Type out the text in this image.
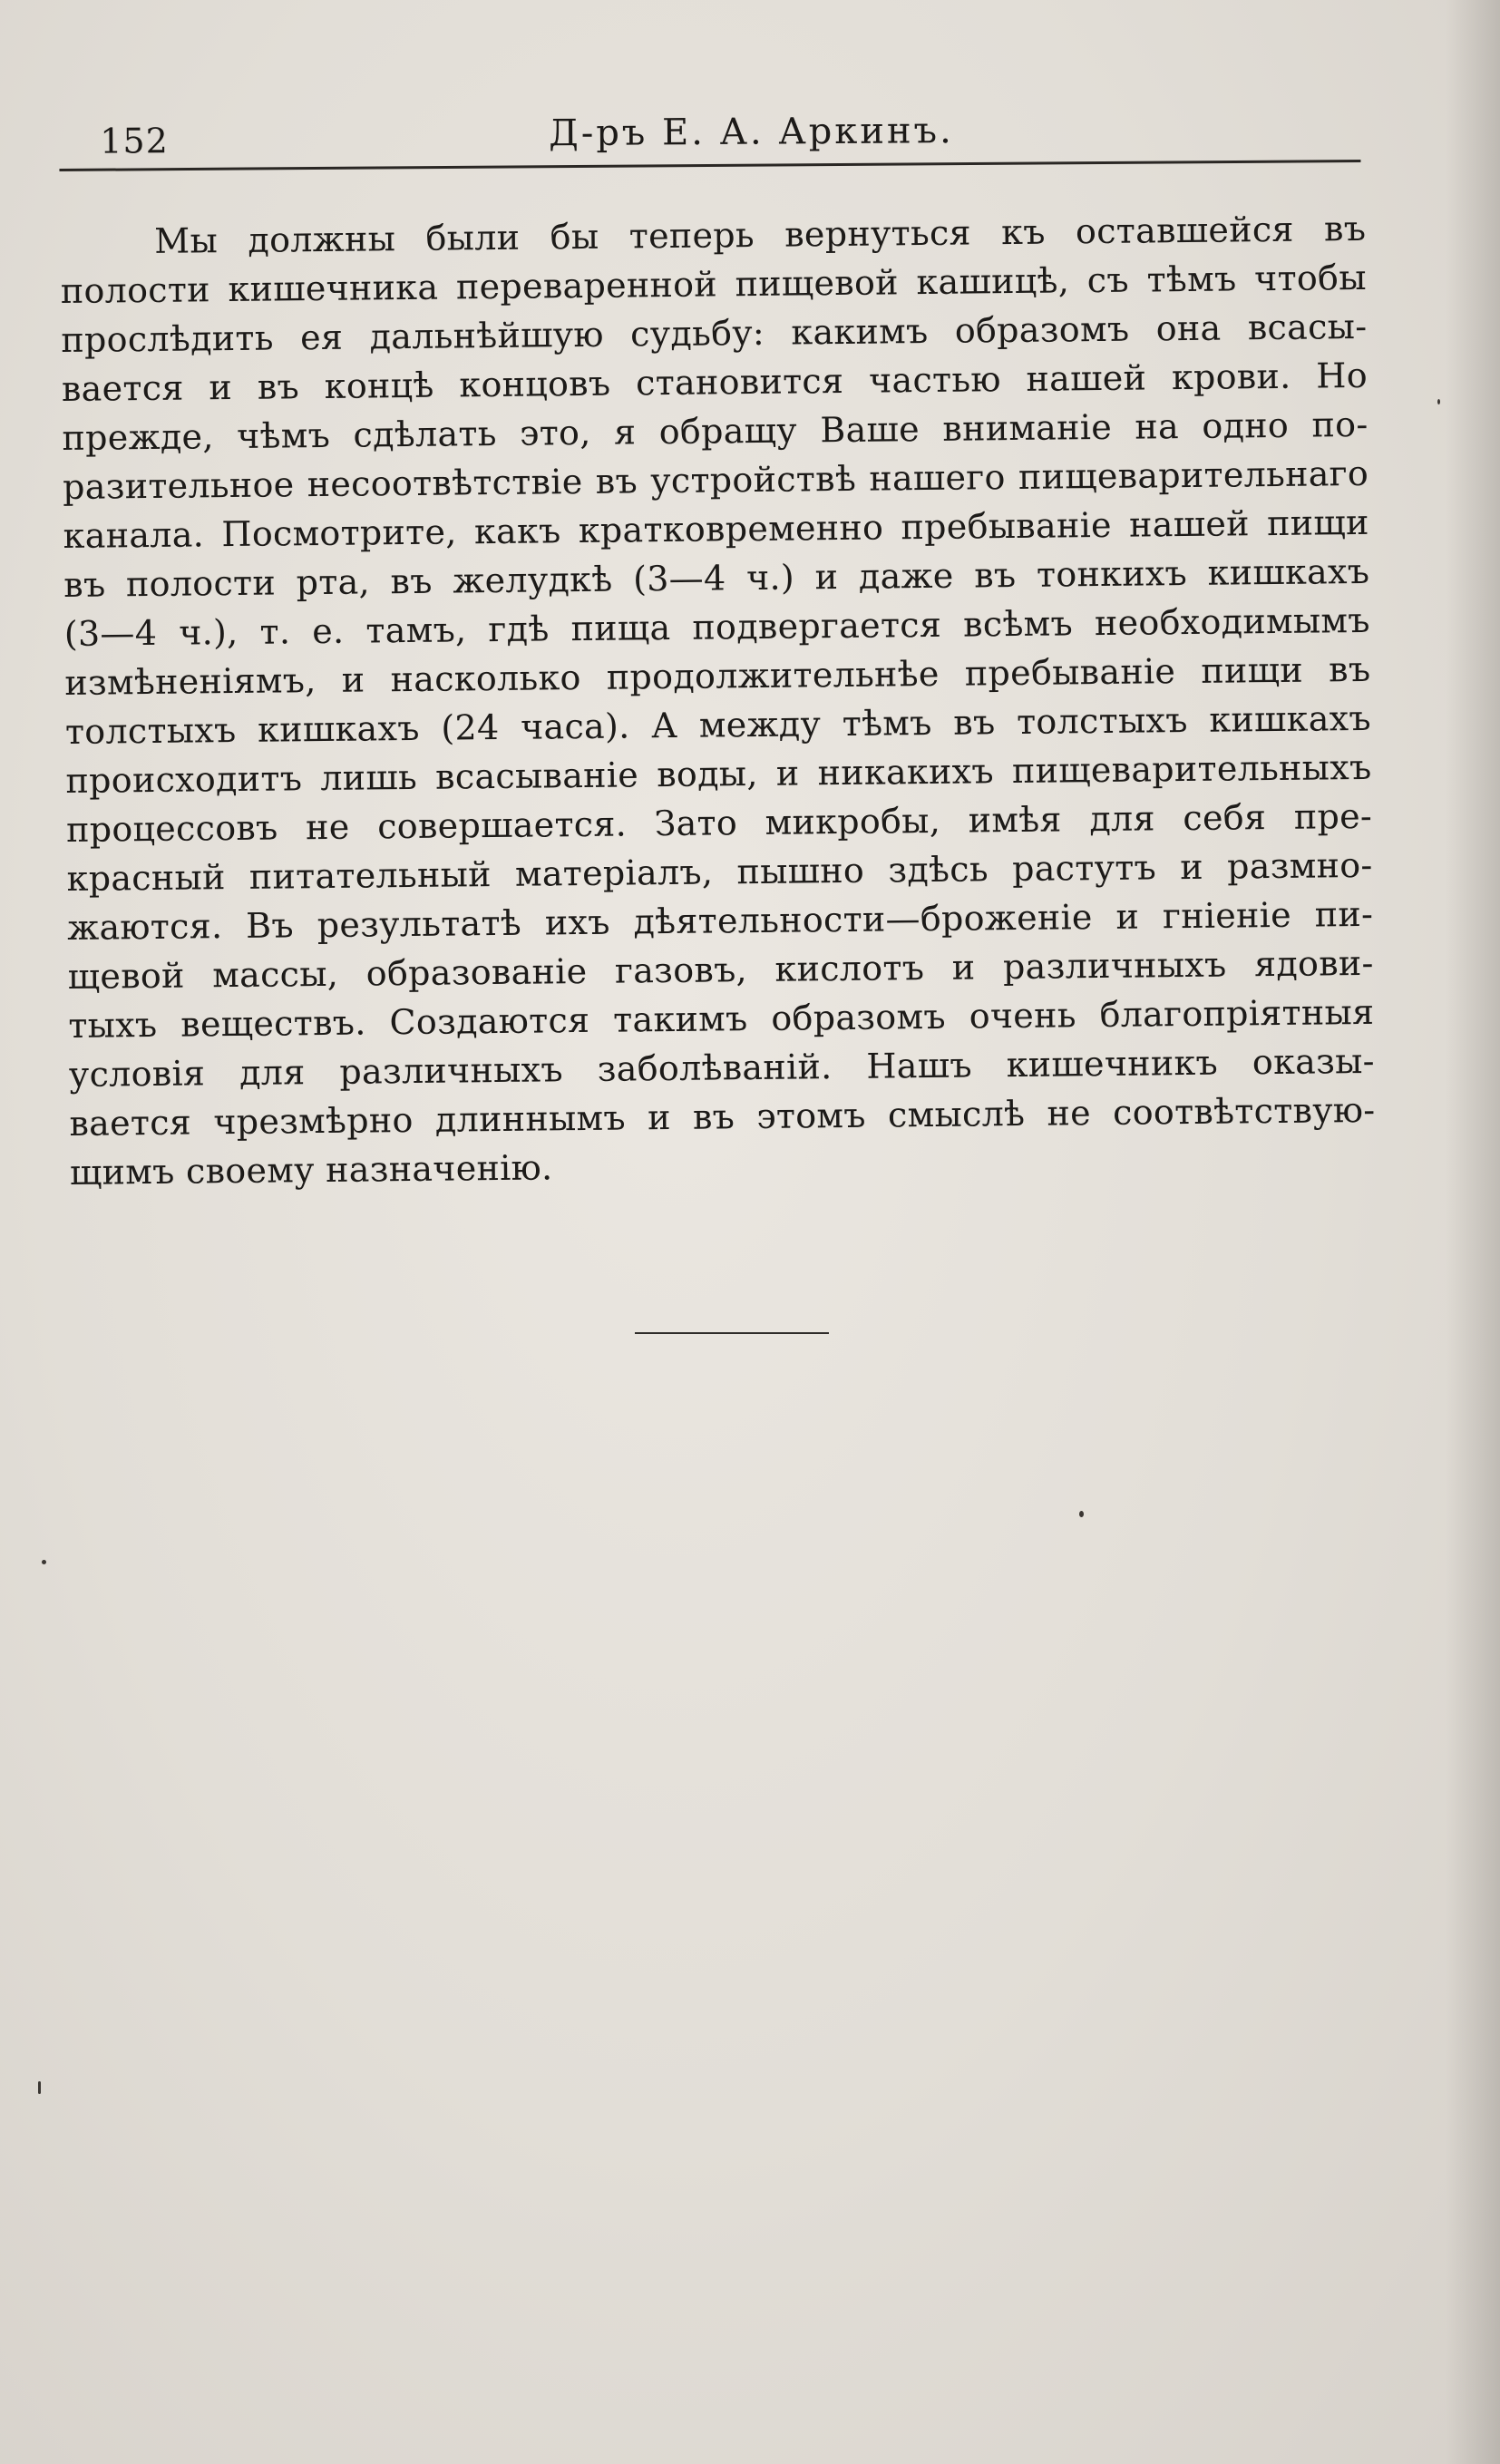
152	Д-ръ Е. А. Аркинъ.
Мы должны были бы теперь вернуться къ оставшейся въ
полости кишечника переваренной пищевой кашицѣ, съ тѣмъ чтобы
прослѣдить ея дальнѣйшую судьбу: какимъ образомъ она всасы-
вается и въ концѣ концовъ становится частью нашей крови. Но
прежде, чѣмъ сдѣлать это, я обращу Ваше вниманіе на одно по-
разительное несоотвѣтствіе въ устройствѣ нашего пищеварительнаго
канала. Посмотрите, какъ кратковременно пребываніе нашей пищи
въ полости рта, въ желудкѣ (3—4 ч.) и даже въ тонкихъ кишкахъ
(3—4 ч.), т. е. тамъ, гдѣ пища подвергается всѣмъ необходимымъ
измѣненіямъ, и насколько продолжительнѣе пребываніе пищи въ
толстыхъ кишкахъ (24 часа). А между тѣмъ въ толстыхъ кишкахъ
происходитъ лишь всасываніе воды, и никакихъ пищеварительныхъ
процессовъ не совершается. Зато микробы, имѣя для себя пре-
красный питательный матеріалъ, пышно здѣсь растутъ и размно-
жаются. Въ результатѣ ихъ дѣятельности—броженіе и гніеніе пи-
щевой массы, образованіе газовъ, кислотъ и различныхъ ядови-
тыхъ веществъ. Создаются такимъ образомъ очень благопріятныя
условія для различныхъ заболѣваній. Нашъ кишечникъ оказы-
вается чрезмѣрно длиннымъ и въ этомъ смыслѣ не соотвѣтствую-
щимъ своему назначенію.
